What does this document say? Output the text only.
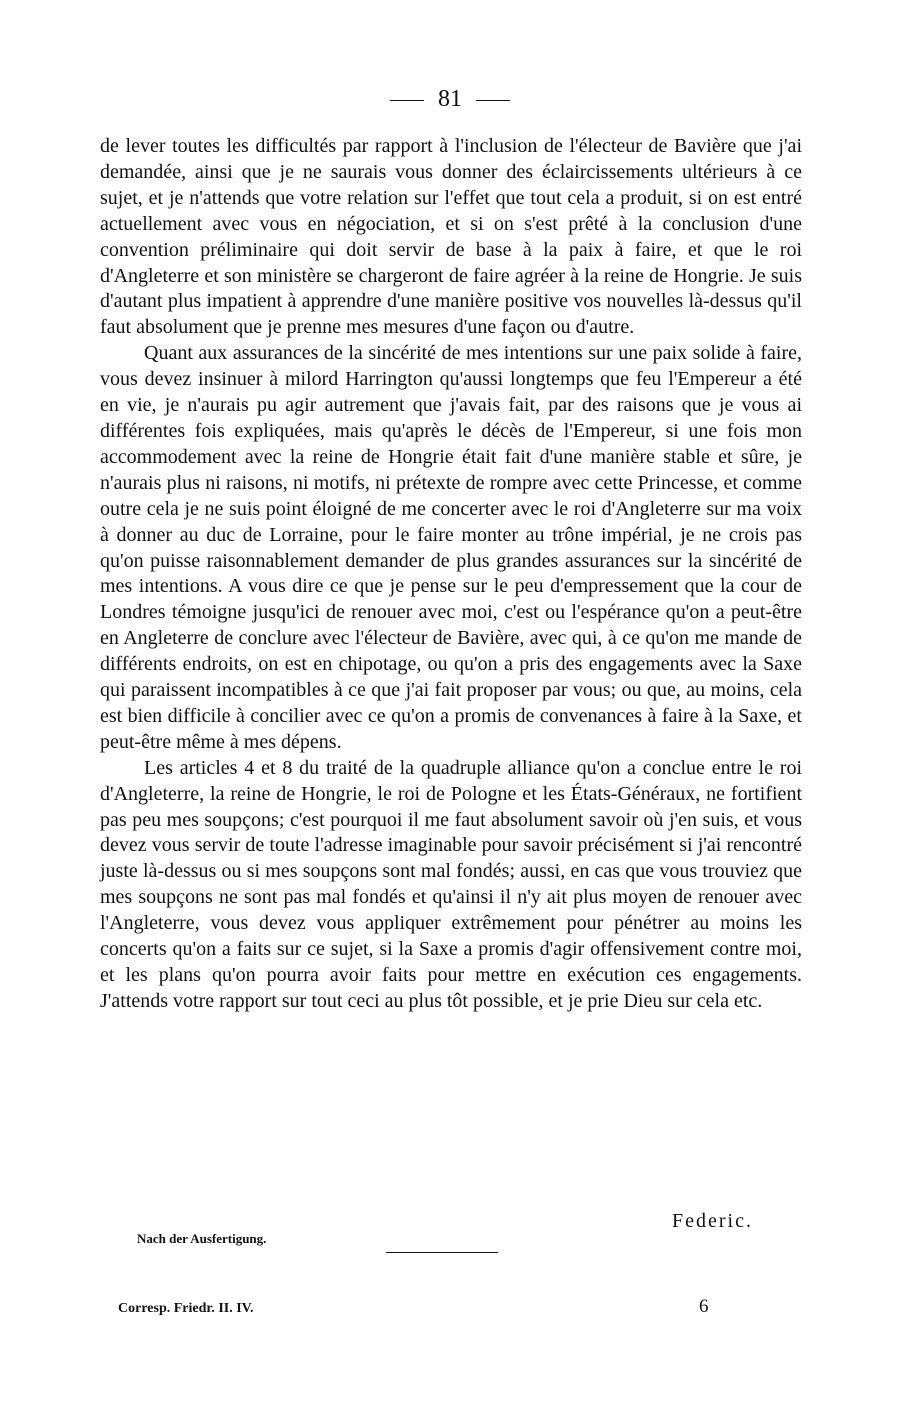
81

de lever toutes les difficultés par rapport à l'inclusion de l'électeur de Bavière que j'ai demandée, ainsi que je ne saurais vous donner des éclaircissements ultérieurs à ce sujet, et je n'attends que votre relation sur l'effet que tout cela a produit, si on est entré actuellement avec vous en négociation, et si on s'est prêté à la conclusion d'une convention préliminaire qui doit servir de base à la paix à faire, et que le roi d'Angleterre et son ministère se chargeront de faire agréer à la reine de Hongrie. Je suis d'autant plus impatient à apprendre d'une manière positive vos nouvelles là-dessus qu'il faut absolument que je prenne mes mesures d'une façon ou d'autre.

Quant aux assurances de la sincérité de mes intentions sur une paix solide à faire, vous devez insinuer à milord Harrington qu'aussi longtemps que feu l'Empereur a été en vie, je n'aurais pu agir autrement que j'avais fait, par des raisons que je vous ai différentes fois expliquées, mais qu'après le décès de l'Empereur, si une fois mon accommodement avec la reine de Hongrie était fait d'une manière stable et sûre, je n'aurais plus ni raisons, ni motifs, ni prétexte de rompre avec cette Princesse, et comme outre cela je ne suis point éloigné de me concerter avec le roi d'Angleterre sur ma voix à donner au duc de Lorraine, pour le faire monter au trône impérial, je ne crois pas qu'on puisse raisonnablement demander de plus grandes assurances sur la sincérité de mes intentions. A vous dire ce que je pense sur le peu d'empressement que la cour de Londres témoigne jusqu'ici de renouer avec moi, c'est ou l'espérance qu'on a peut-être en Angleterre de conclure avec l'électeur de Bavière, avec qui, à ce qu'on me mande de différents endroits, on est en chipotage, ou qu'on a pris des engagements avec la Saxe qui paraissent incompatibles à ce que j'ai fait proposer par vous; ou que, au moins, cela est bien difficile à concilier avec ce qu'on a promis de convenances à faire à la Saxe, et peut-être même à mes dépens.

Les articles 4 et 8 du traité de la quadruple alliance qu'on a conclue entre le roi d'Angleterre, la reine de Hongrie, le roi de Pologne et les États-Généraux, ne fortifient pas peu mes soupçons; c'est pourquoi il me faut absolument savoir où j'en suis, et vous devez vous servir de toute l'adresse imaginable pour savoir précisément si j'ai rencontré juste là-dessus ou si mes soupçons sont mal fondés; aussi, en cas que vous trouviez que mes soupçons ne sont pas mal fondés et qu'ainsi il n'y ait plus moyen de renouer avec l'Angleterre, vous devez vous appliquer extrêmement pour pénétrer au moins les concerts qu'on a faits sur ce sujet, si la Saxe a promis d'agir offensivement contre moi, et les plans qu'on pourra avoir faits pour mettre en exécution ces engagements. J'attends votre rapport sur tout ceci au plus tôt possible, et je prie Dieu sur cela etc.

Federic.
Nach der Ausfertigung.
Corresp. Friedr. II. IV.	6
